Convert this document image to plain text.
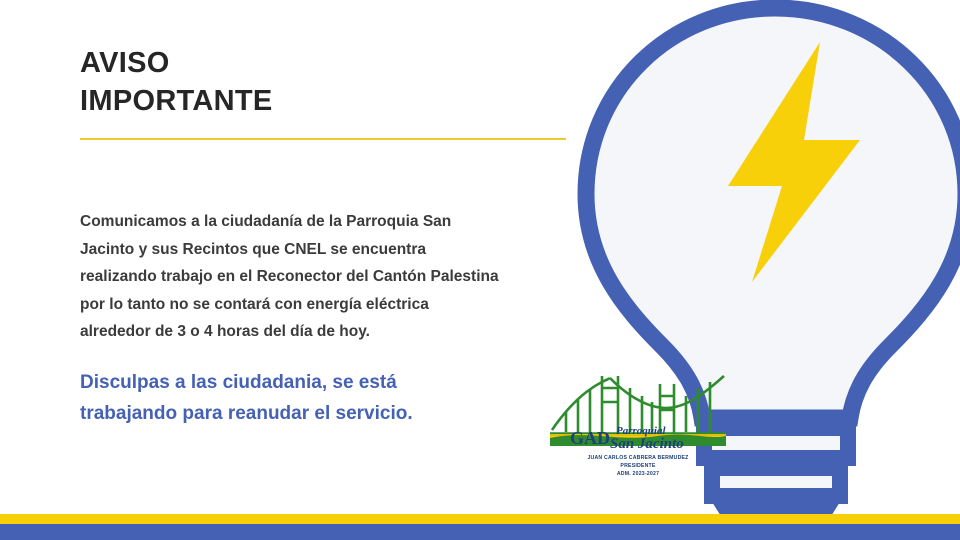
AVISO
IMPORTANTE
Comunicamos a la ciudadanía de la Parroquia San Jacinto y sus Recintos que CNEL se encuentra realizando trabajo en el Reconector del Cantón Palestina por lo tanto no se contará con energía eléctrica alrededor de 3 o 4 horas del día de hoy.
Disculpas a las ciudadania, se está trabajando para reanudar el servicio.
GAD Parroquial
San Jacinto
JUAN CARLOS CABRERA BERMUDEZ
PRESIDENTE
ADM. 2023-2027
